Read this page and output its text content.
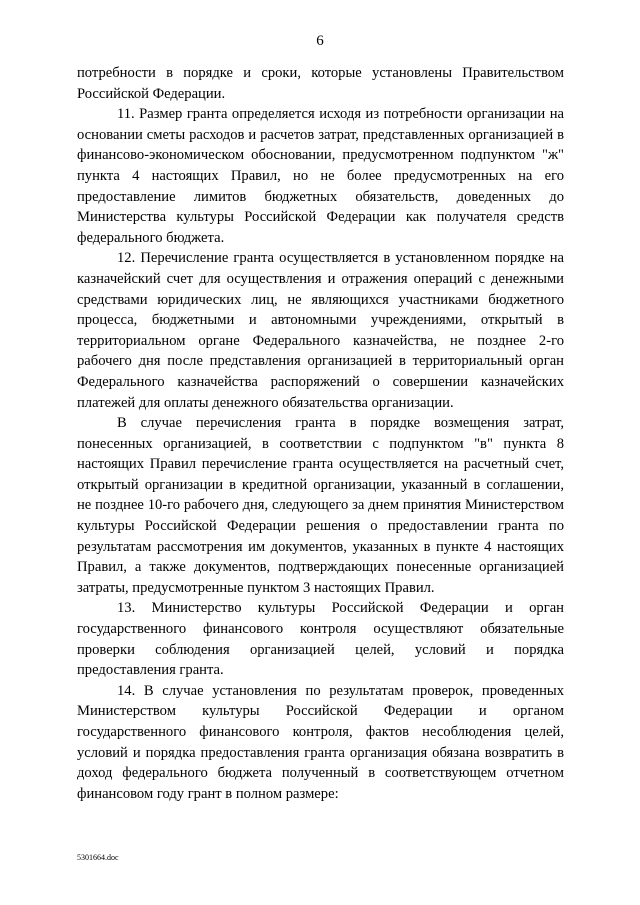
6

потребности в порядке и сроки, которые установлены Правительством Российской Федерации.

11. Размер гранта определяется исходя из потребности организации на основании сметы расходов и расчетов затрат, представленных организацией в финансово-экономическом обосновании, предусмотренном подпунктом "ж" пункта 4 настоящих Правил, но не более предусмотренных на его предоставление лимитов бюджетных обязательств, доведенных до Министерства культуры Российской Федерации как получателя средств федерального бюджета.

12. Перечисление гранта осуществляется в установленном порядке на казначейский счет для осуществления и отражения операций с денежными средствами юридических лиц, не являющихся участниками бюджетного процесса, бюджетными и автономными учреждениями, открытый в территориальном органе Федерального казначейства, не позднее 2-го рабочего дня после представления организацией в территориальный орган Федерального казначейства распоряжений о совершении казначейских платежей для оплаты денежного обязательства организации.

В случае перечисления гранта в порядке возмещения затрат, понесенных организацией, в соответствии с подпунктом "в" пункта 8 настоящих Правил перечисление гранта осуществляется на расчетный счет, открытый организации в кредитной организации, указанный в соглашении, не позднее 10-го рабочего дня, следующего за днем принятия Министерством культуры Российской Федерации решения о предоставлении гранта по результатам рассмотрения им документов, указанных в пункте 4 настоящих Правил, а также документов, подтверждающих понесенные организацией затраты, предусмотренные пунктом 3 настоящих Правил.

13. Министерство культуры Российской Федерации и орган государственного финансового контроля осуществляют обязательные проверки соблюдения организацией целей, условий и порядка предоставления гранта.

14. В случае установления по результатам проверок, проведенных Министерством культуры Российской Федерации и органом государственного финансового контроля, фактов несоблюдения целей, условий и порядка предоставления гранта организация обязана возвратить в доход федерального бюджета полученный в соответствующем отчетном финансовом году грант в полном размере:

5301664.doc
